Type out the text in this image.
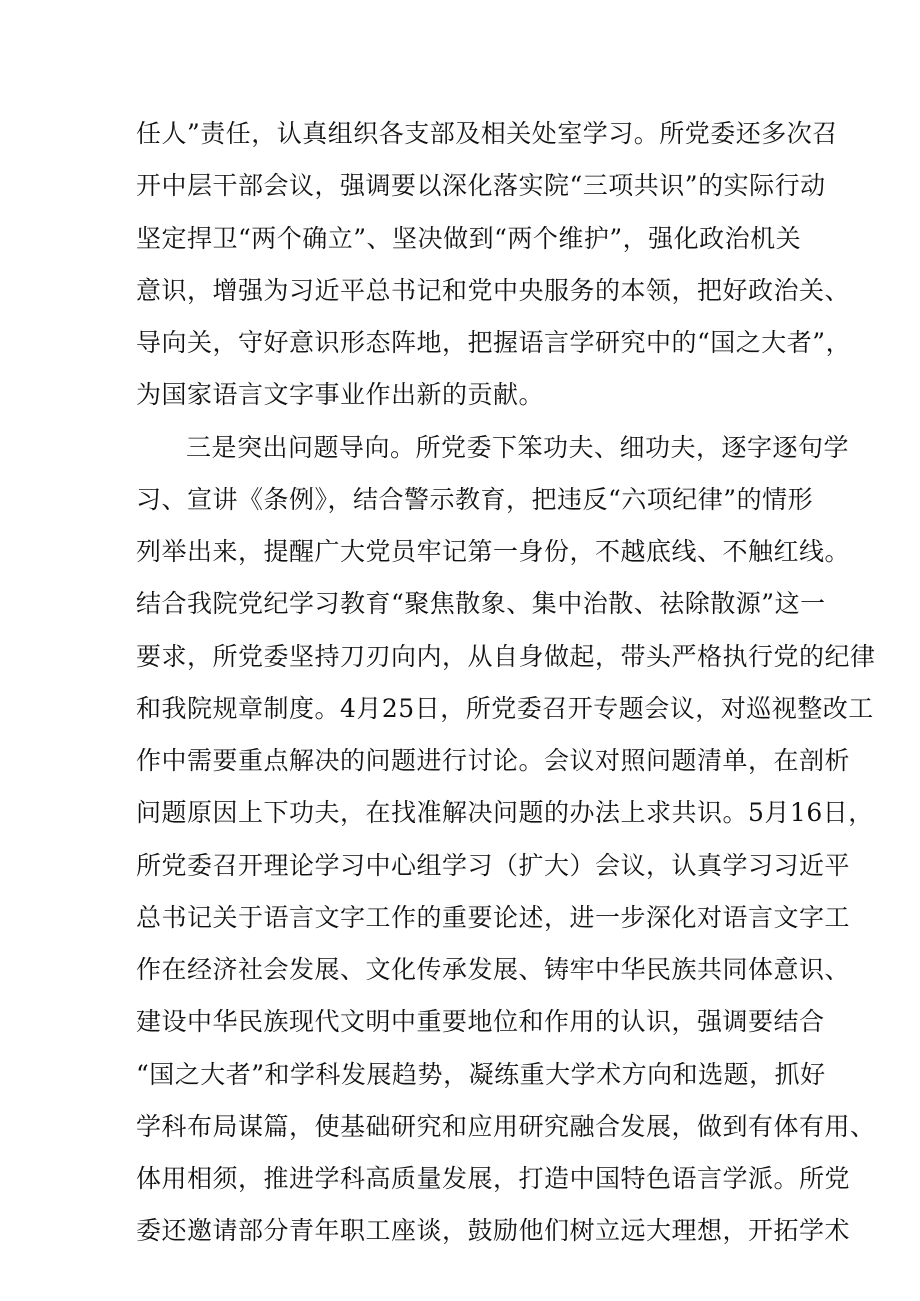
任人”责任，认真组织各支部及相关处室学习。所党委还多次召
开中层干部会议，强调要以深化落实院“三项共识”的实际行动
坚定捍卫“两个确立”、坚决做到“两个维护”，强化政治机关
意识，增强为习近平总书记和党中央服务的本领，把好政治关、
导向关，守好意识形态阵地，把握语言学研究中的“国之大者”，
为国家语言文字事业作出新的贡献。
三是突出问题导向。所党委下笨功夫、细功夫，逐字逐句学
习、宣讲《条例》，结合警示教育，把违反“六项纪律”的情形
列举出来，提醒广大党员牢记第一身份，不越底线、不触红线。
结合我院党纪学习教育“聚焦散象、集中治散、祛除散源”这一
要求，所党委坚持刀刃向内，从自身做起，带头严格执行党的纪律
和我院规章制度。4月25日，所党委召开专题会议，对巡视整改工
作中需要重点解决的问题进行讨论。会议对照问题清单，在剖析
问题原因上下功夫，在找准解决问题的办法上求共识。5月16日，
所党委召开理论学习中心组学习（扩大）会议，认真学习习近平
总书记关于语言文字工作的重要论述，进一步深化对语言文字工
作在经济社会发展、文化传承发展、铸牢中华民族共同体意识、
建设中华民族现代文明中重要地位和作用的认识，强调要结合
“国之大者”和学科发展趋势，凝练重大学术方向和选题，抓好
学科布局谋篇，使基础研究和应用研究融合发展，做到有体有用、
体用相须，推进学科高质量发展，打造中国特色语言学派。所党
委还邀请部分青年职工座谈，鼓励他们树立远大理想，开拓学术
